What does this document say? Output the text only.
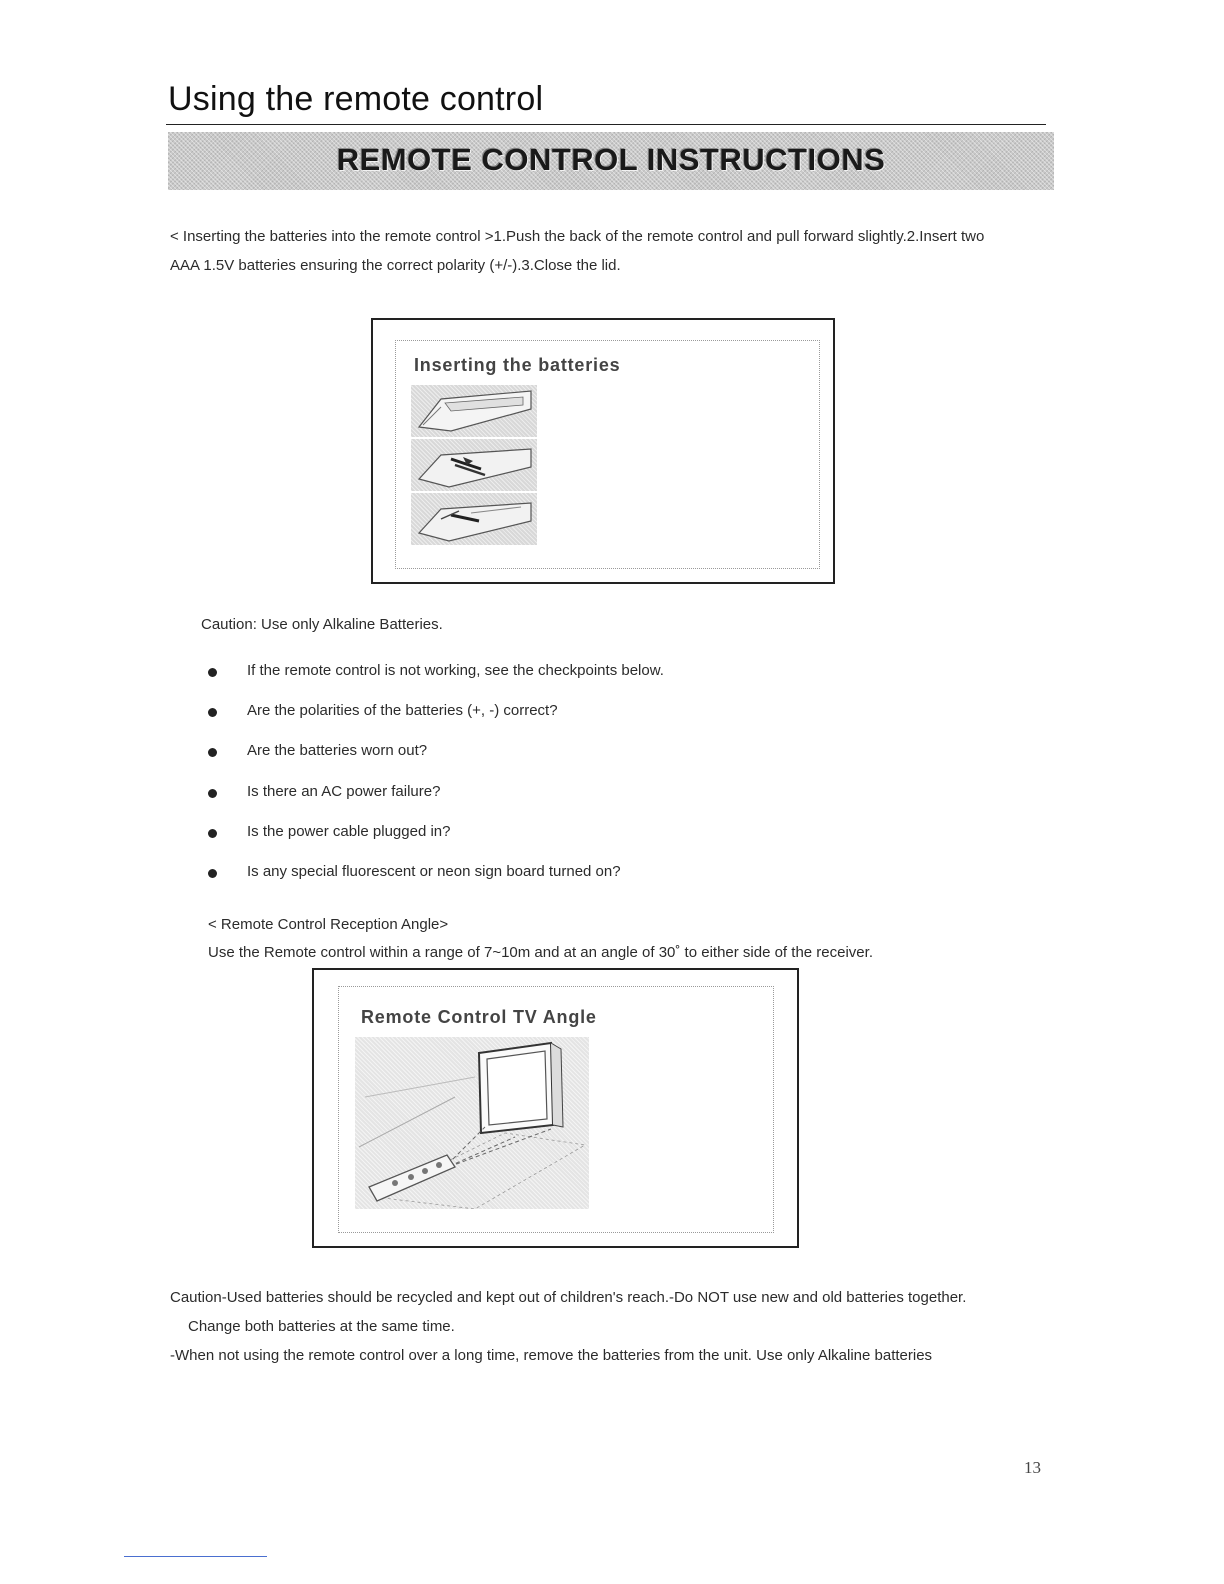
Using the remote control
REMOTE CONTROL INSTRUCTIONS
< Inserting the batteries into the remote control >1.Push the back of the remote control and pull forward slightly.2.Insert two
AAA 1.5V batteries ensuring the correct polarity (+/-).3.Close the lid.
Inserting the batteries
Caution: Use only Alkaline Batteries.
If the remote control is not working, see the checkpoints below.
Are the polarities of the batteries (+, -) correct?
Are the batteries worn out?
Is there an AC power failure?
Is the power cable plugged in?
Is any special fluorescent or neon sign board turned on?
< Remote Control Reception Angle>
Use the Remote control within a range of 7~10m and at an angle of 30˚ to either side of the receiver.
Remote Control TV Angle
Caution-Used batteries should be recycled and kept out of children's reach.-Do NOT use new and old batteries together.
Change both batteries at the same time.
-When not using the remote control over a long time, remove the batteries from the unit. Use only Alkaline batteries
13
